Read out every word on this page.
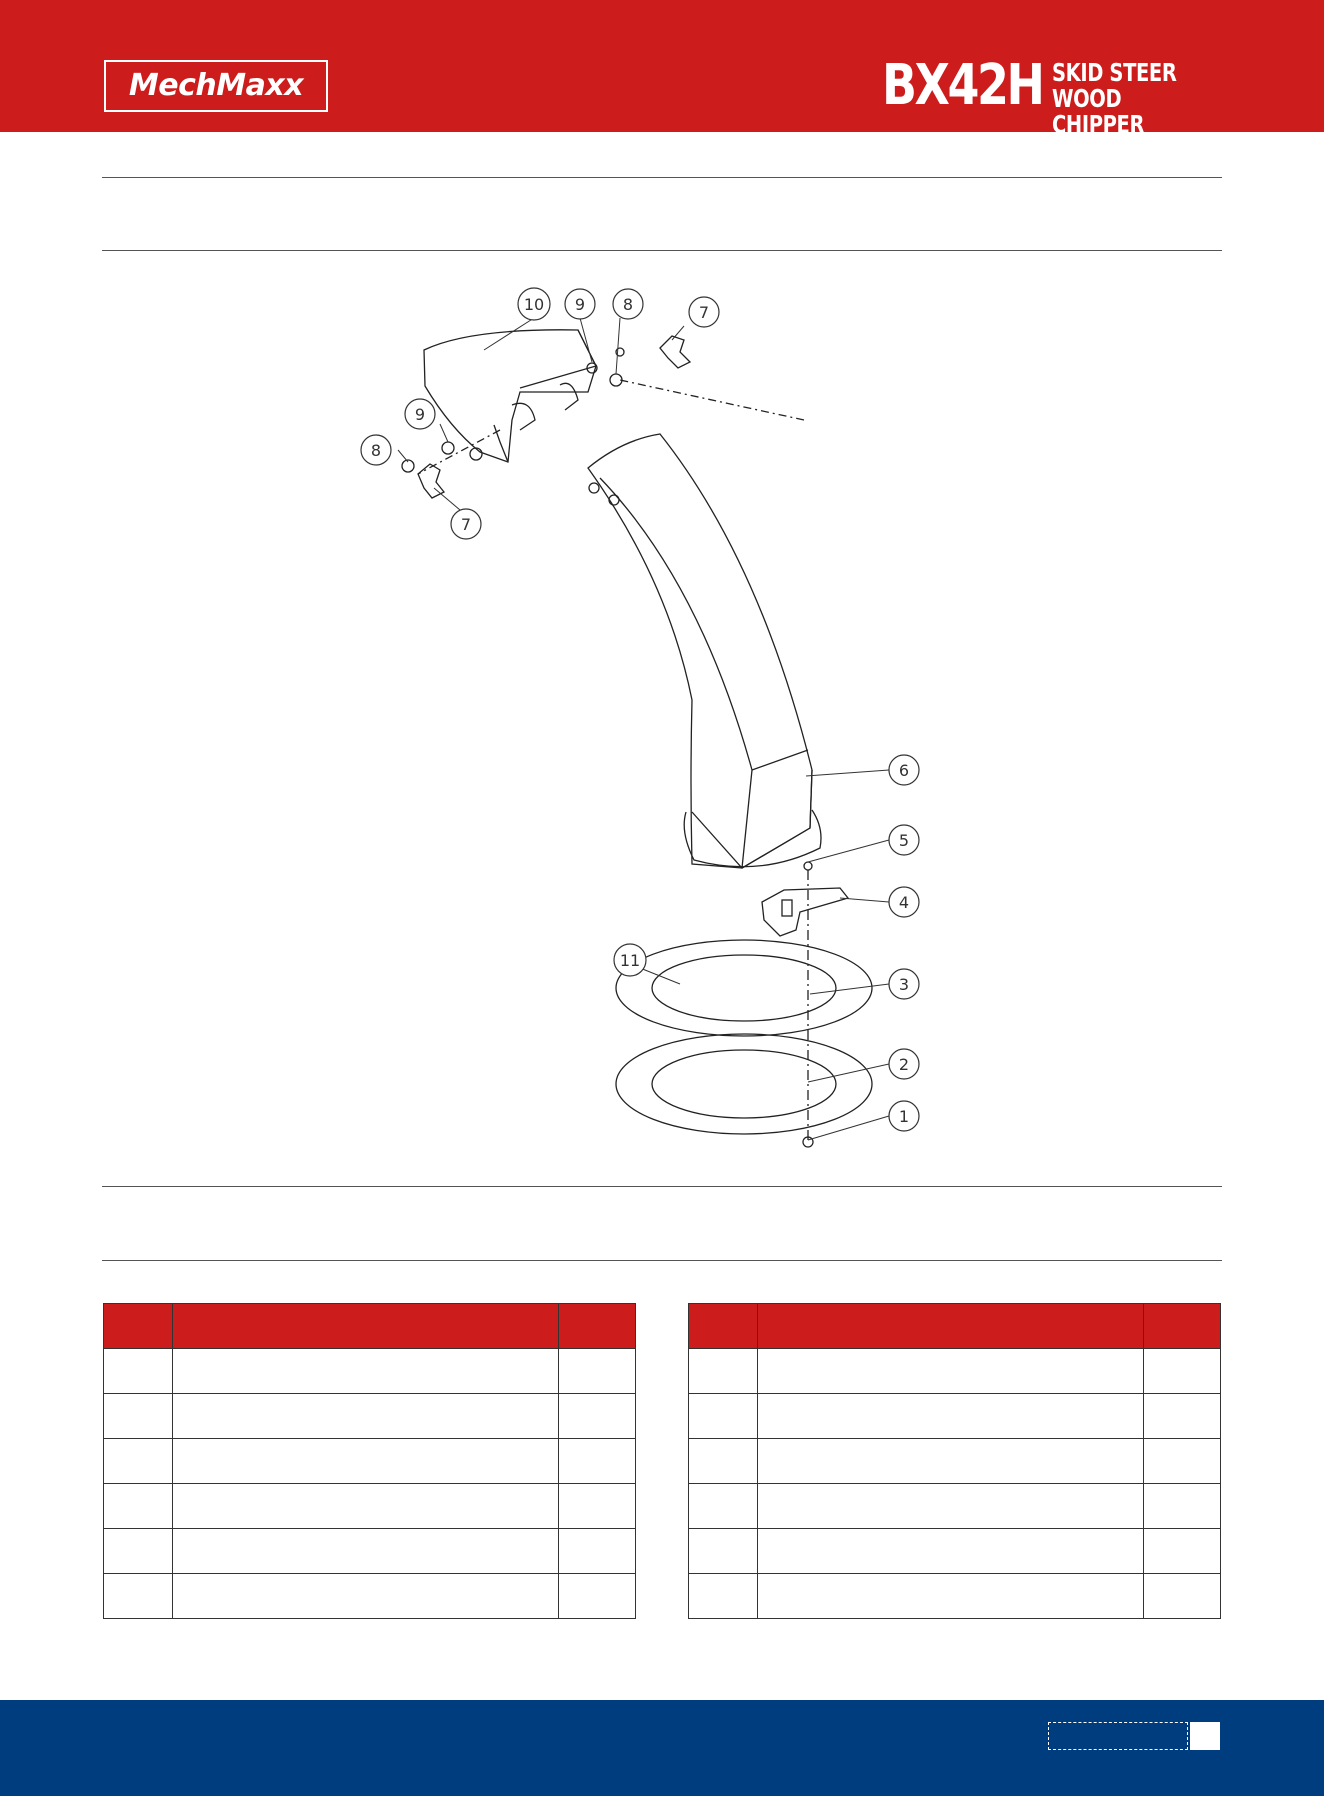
MechMaxx	BX42H SKID STEER
WOOD CHIPPER
1
2
3
4
5
6
7
7
8
8
9
9
10
11
